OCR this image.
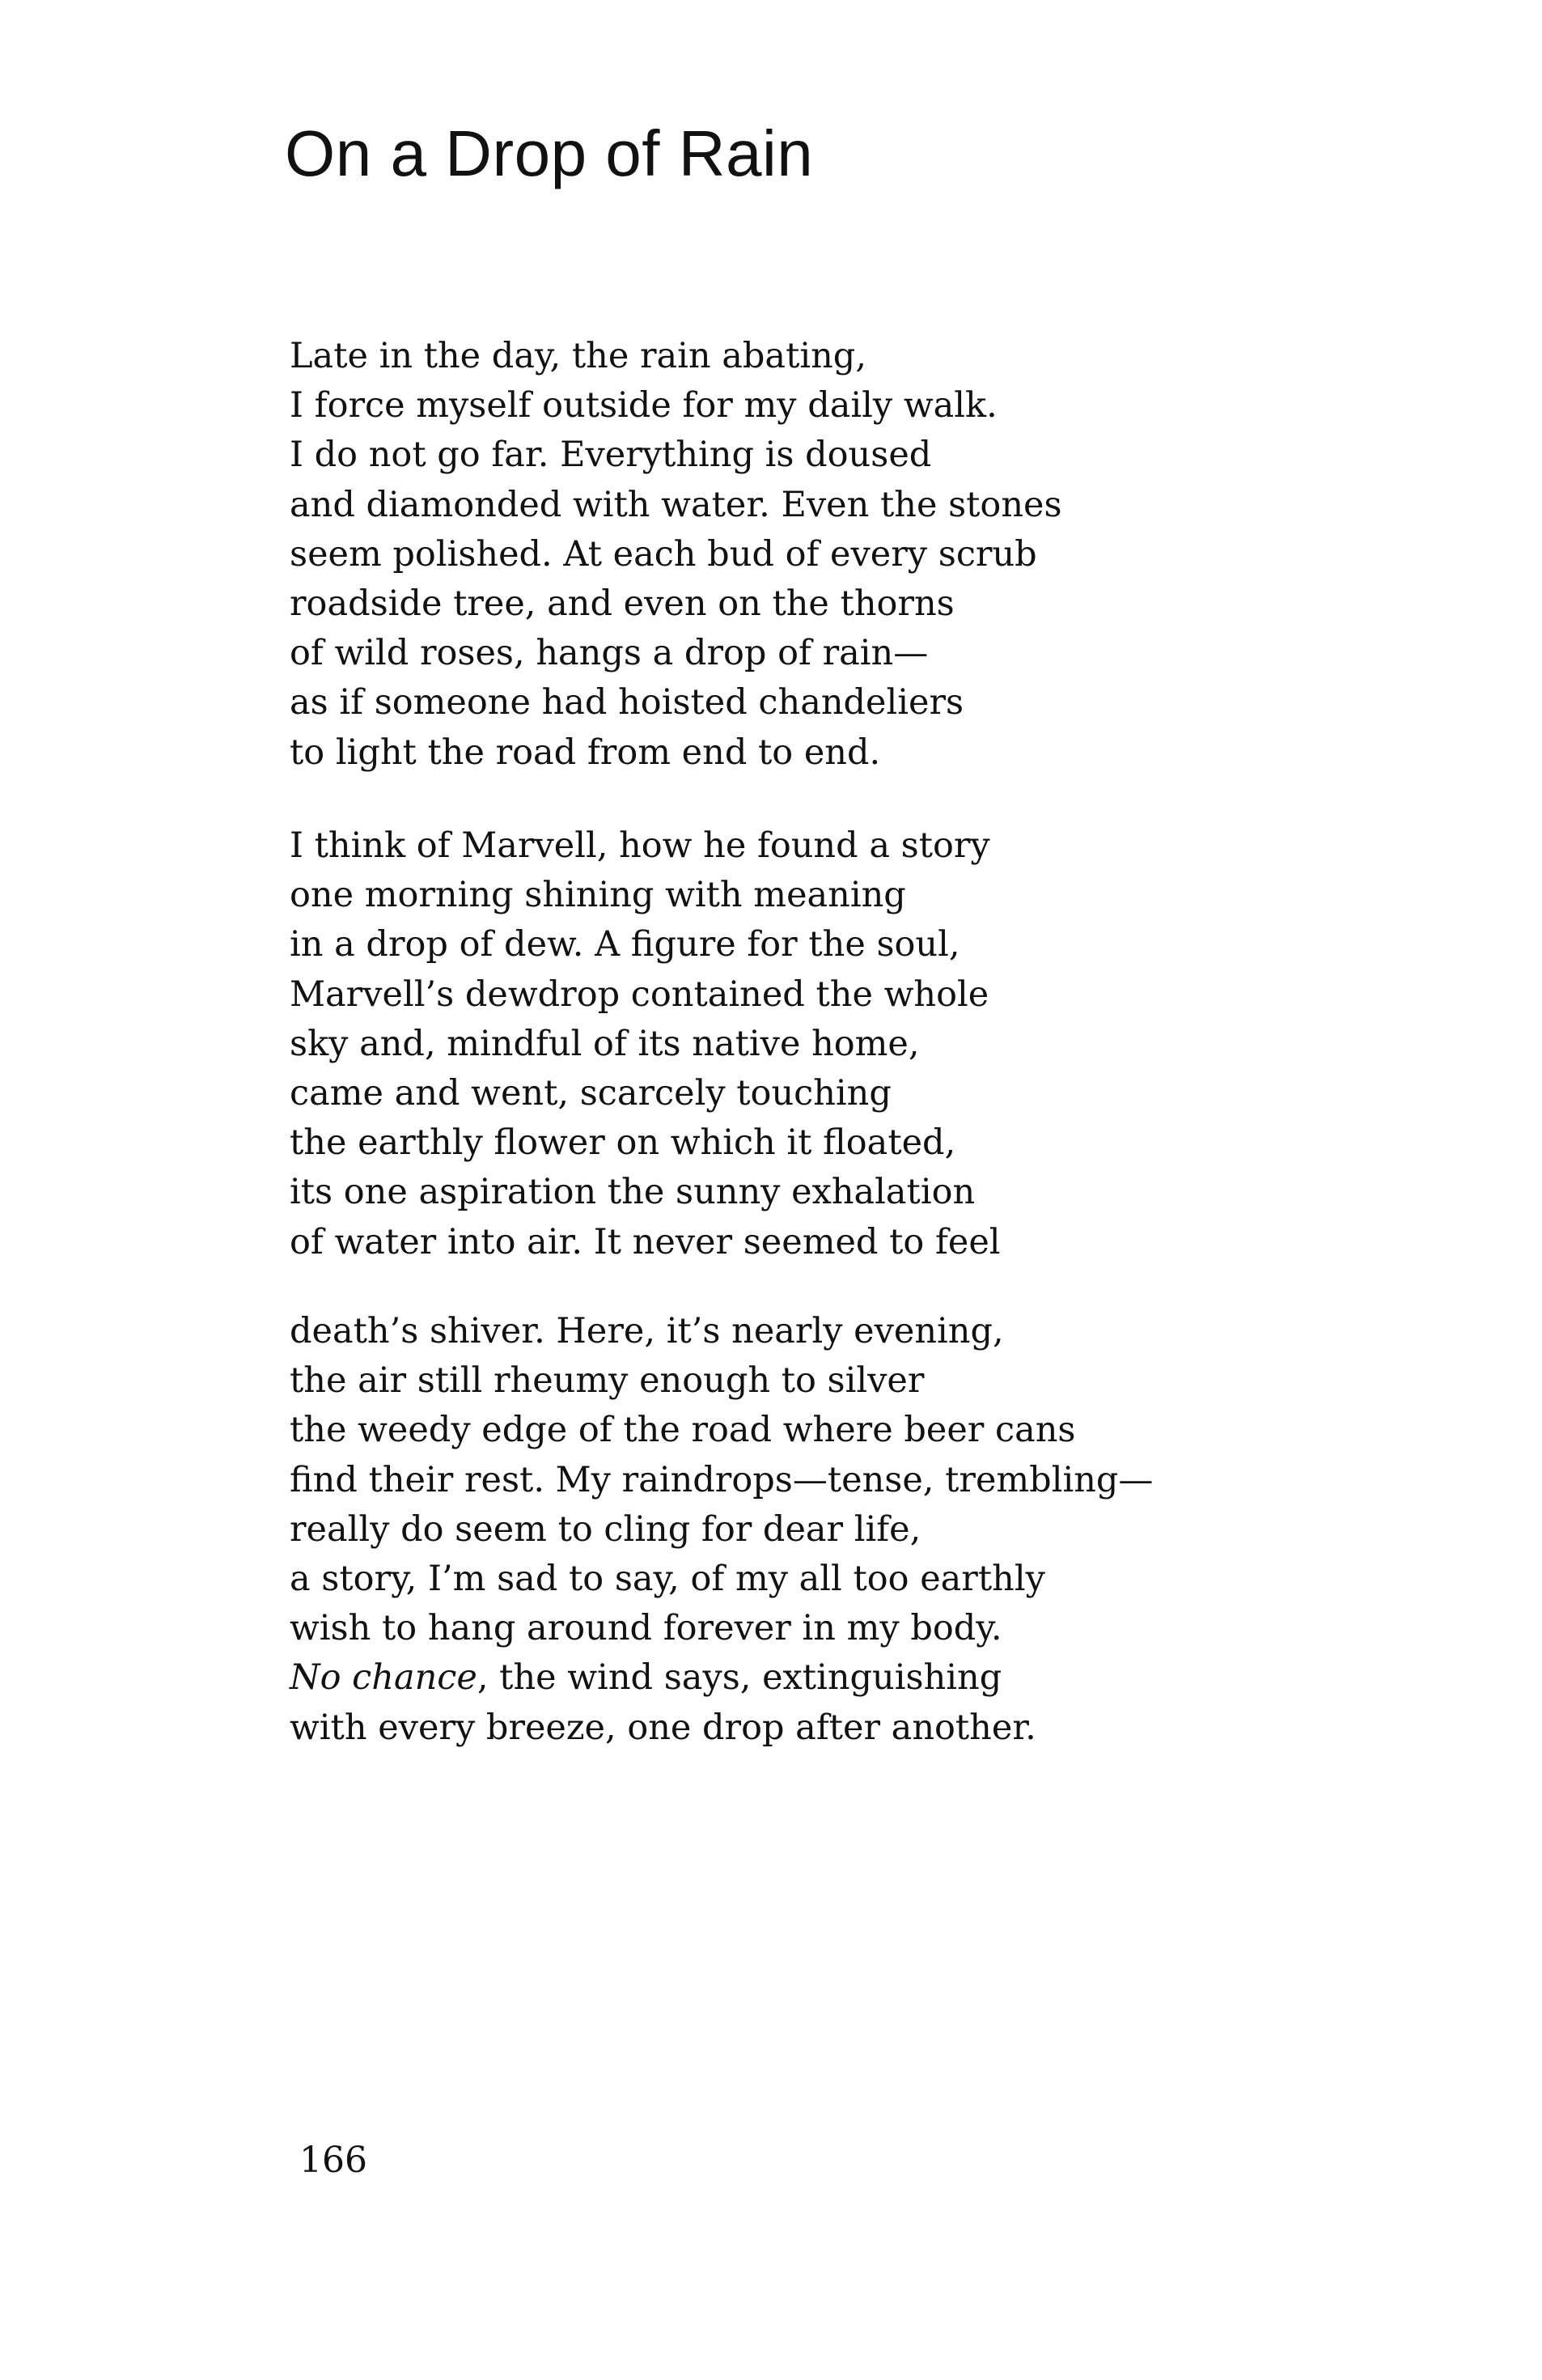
On a Drop of Rain
Late in the day, the rain abating,
I force myself outside for my daily walk.
I do not go far. Everything is doused
and diamonded with water. Even the stones
seem polished. At each bud of every scrub
roadside tree, and even on the thorns
of wild roses, hangs a drop of rain—
as if someone had hoisted chandeliers
to light the road from end to end.
I think of Marvell, how he found a story
one morning shining with meaning
in a drop of dew. A figure for the soul,
Marvell’s dewdrop contained the whole
sky and, mindful of its native home,
came and went, scarcely touching
the earthly flower on which it floated,
its one aspiration the sunny exhalation
of water into air. It never seemed to feel
death’s shiver. Here, it’s nearly evening,
the air still rheumy enough to silver
the weedy edge of the road where beer cans
find their rest. My raindrops—tense, trembling—
really do seem to cling for dear life,
a story, I’m sad to say, of my all too earthly
wish to hang around forever in my body.
No chance, the wind says, extinguishing
with every breeze, one drop after another.
166
